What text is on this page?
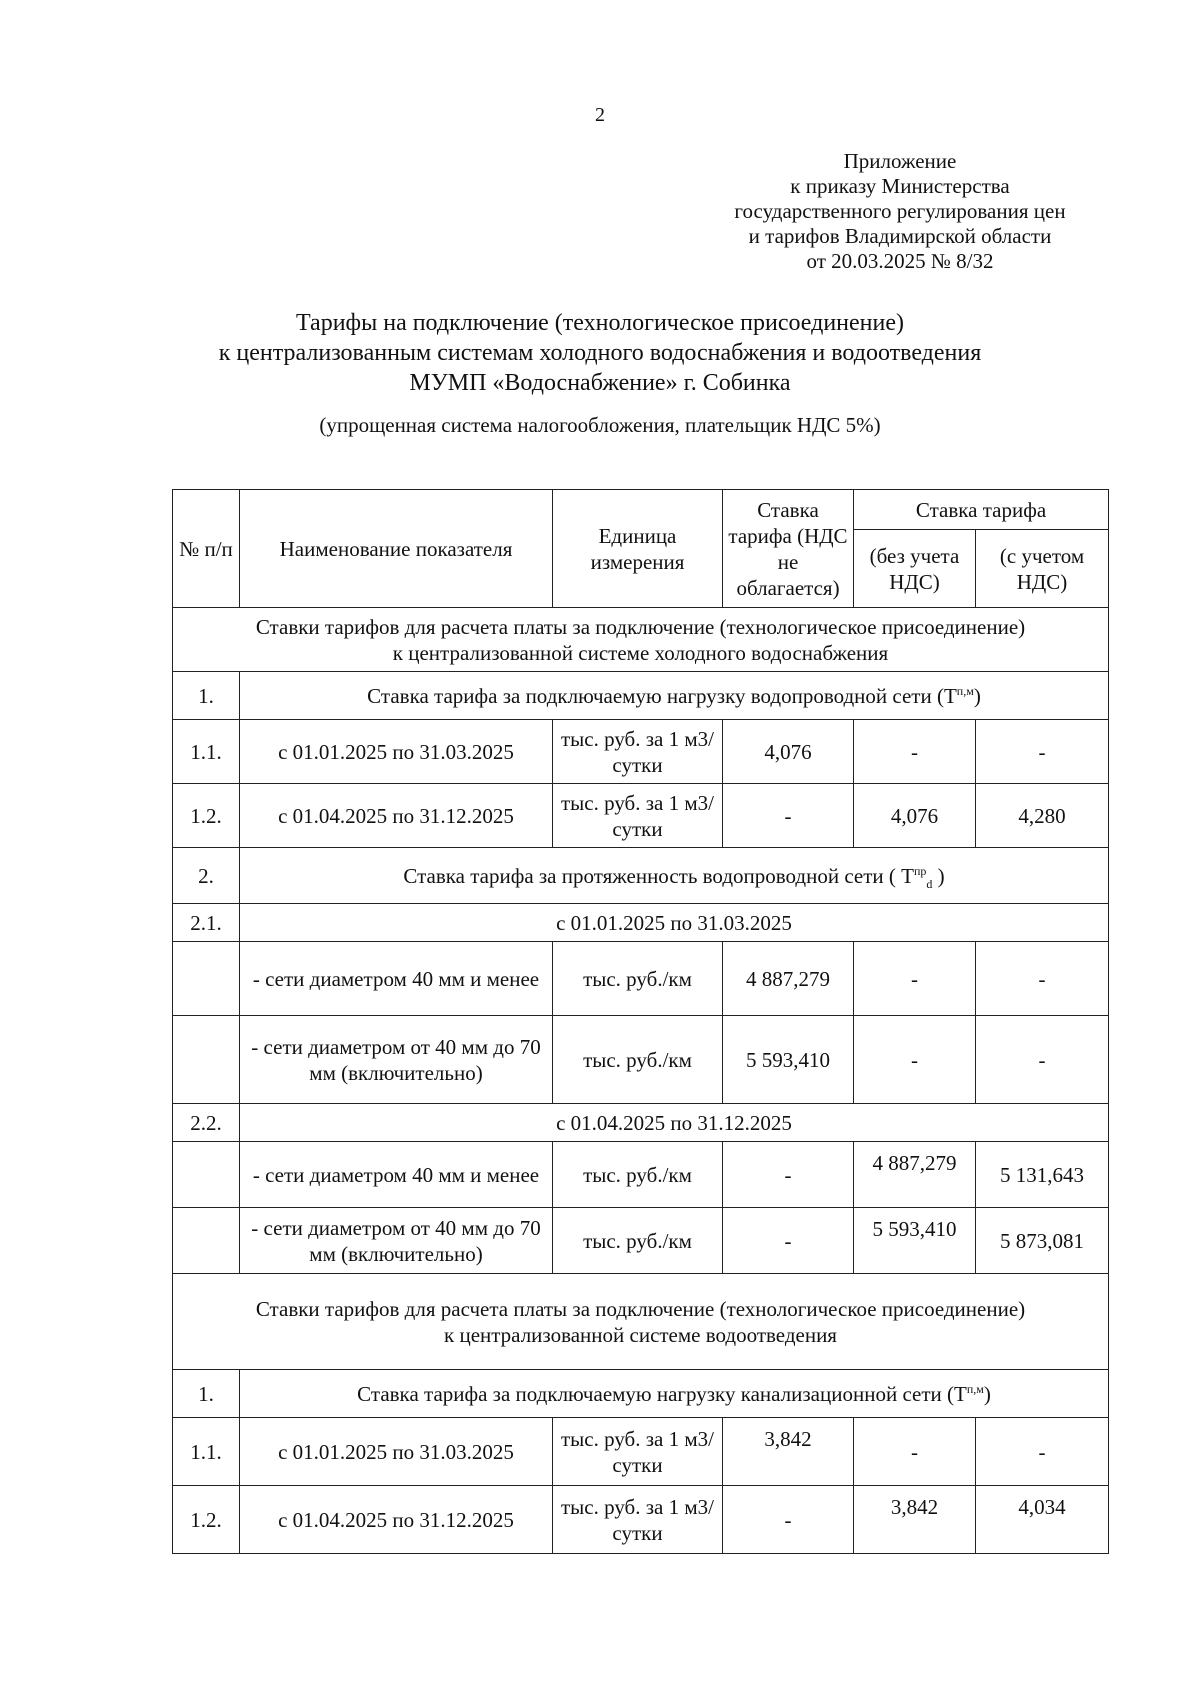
2
Приложение
к приказу Министерства
государственного регулирования цен
и тарифов Владимирской области
от 20.03.2025 № 8/32
Тарифы на подключение (технологическое присоединение)
к централизованным системам холодного водоснабжения и водоотведения
МУМП «Водоснабжение» г. Собинка
(упрощенная система налогообложения, плательщик НДС 5%)
№ п/п	Наименование показателя	Единица измерения	Ставка тарифа (НДС не облагается)	Ставка тарифа	
				(без учета НДС)	(с учетом НДС)

Ставки тарифов для расчета платы за подключение (технологическое присоединение)
к централизованной системе холодного водоснабжения					

1.	Ставка тарифа за подключаемую нагрузку водопроводной сети $(Т^{п,м})$				
1.1.	с 01.01.2025 по 31.03.2025	тыс. руб. за 1 м3/сутки	4,076	-	-
1.2.	с 01.04.2025 по 31.12.2025	тыс. руб. за 1 м3/сутки	-	4,076	4,280
2.	Ставка тарифа за протяженность водопроводной сети ( $Т^{пр}_d$ )				
2.1.	с 01.01.2025 по 31.03.2025				
	- сети диаметром 40 мм и менее	тыс. руб./км	4 887,279	-	-
	- сети диаметром от 40 мм до 70 мм (включительно)	тыс. руб./км	5 593,410	-	-
2.2.	с 01.04.2025 по 31.12.2025				
	- сети диаметром 40 мм и менее	тыс. руб./км	-	4 887,279	5 131,643
	- сети диаметром от 40 мм до 70 мм (включительно)	тыс. руб./км	-	5 593,410	5 873,081

Ставки тарифов для расчета платы за подключение (технологическое присоединение)
к централизованной системе водоотведения					

1.	Ставка тарифа за подключаемую нагрузку канализационной сети $(Т^{п,м})$				
1.1.	с 01.01.2025 по 31.03.2025	тыс. руб. за 1 м3/сутки	3,842	-	-
1.2.	с 01.04.2025 по 31.12.2025	тыс. руб. за 1 м3/сутки	-	3,842	4,034
